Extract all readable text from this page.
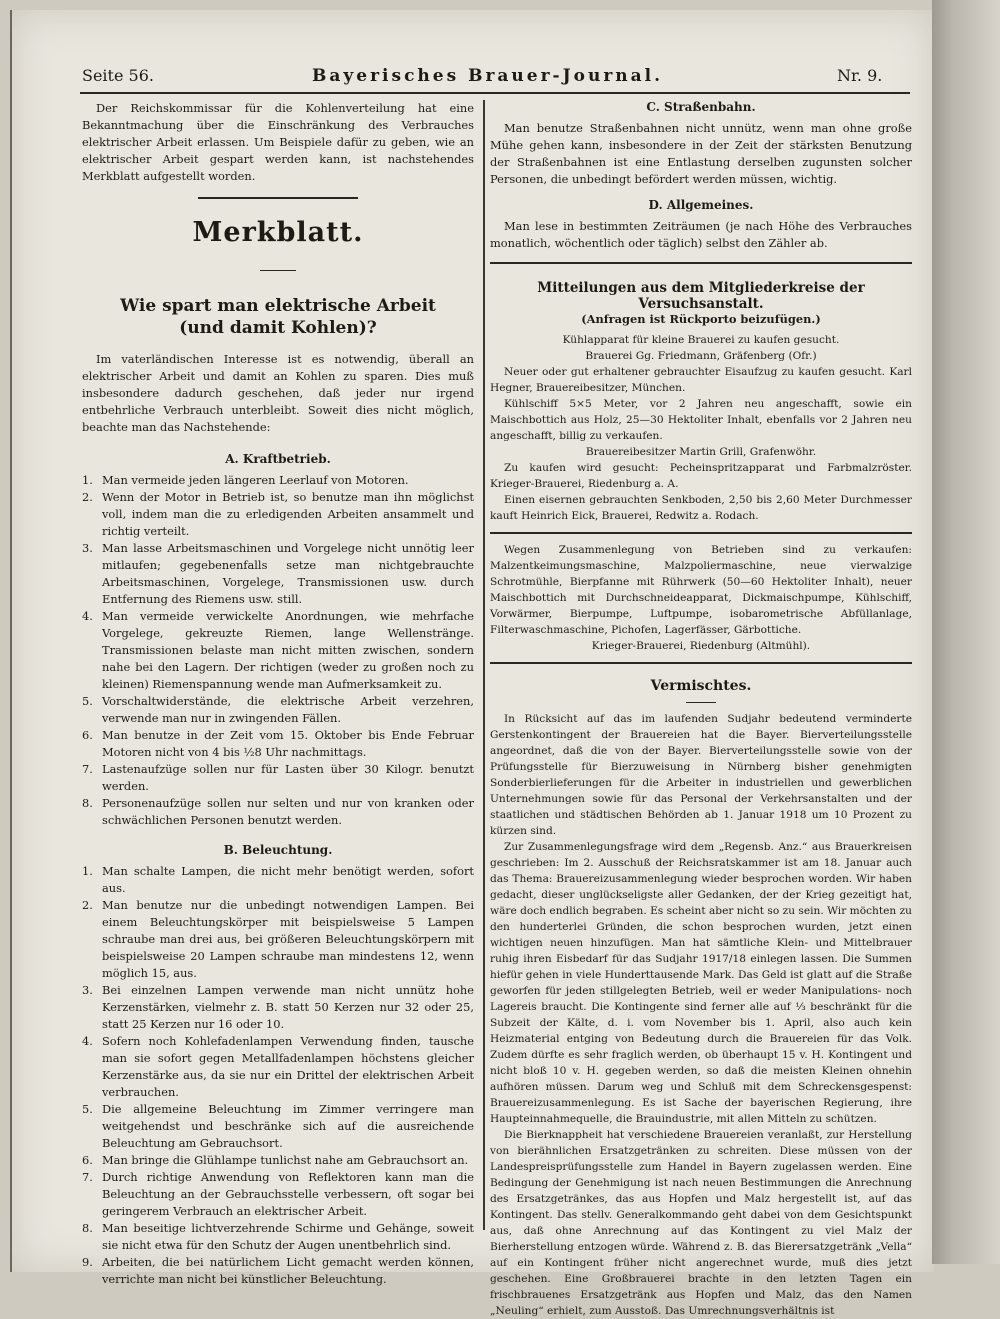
Seite 56.	Bayerisches Brauer-Journal.	Nr. 9.

Der Reichskommissar für die Kohlenverteilung hat eine Bekanntmachung über die Einschränkung des Verbrauches elektrischer Arbeit erlassen. Um Beispiele dafür zu geben, wie an elektrischer Arbeit gespart werden kann, ist nachstehendes Merkblatt aufgestellt worden.

Merkblatt.
Wie spart man elektrische Arbeit
(und damit Kohlen)?

Im vaterländischen Interesse ist es notwendig, überall an elektrischer Arbeit und damit an Kohlen zu sparen. Dies muß insbesondere dadurch geschehen, daß jeder nur irgend entbehrliche Verbrauch unterbleibt. Soweit dies nicht möglich, beachte man das Nachstehende:

A. Kraftbetrieb.
1. Man vermeide jeden längeren Leerlauf von Motoren.
2. Wenn der Motor in Betrieb ist, so benutze man ihn möglichst voll, indem man die zu erledigenden Arbeiten ansammelt und richtig verteilt.
3. Man lasse Arbeitsmaschinen und Vorgelege nicht unnötig leer mitlaufen; gegebenenfalls setze man nichtgebrauchte Arbeitsmaschinen, Vorgelege, Transmissionen usw. durch Entfernung des Riemens usw. still.
4. Man vermeide verwickelte Anordnungen, wie mehrfache Vorgelege, gekreuzte Riemen, lange Wellenstränge. Transmissionen belaste man nicht mitten zwischen, sondern nahe bei den Lagern. Der richtigen (weder zu großen noch zu kleinen) Riemenspannung wende man Aufmerksamkeit zu.
5. Vorschaltwiderstände, die elektrische Arbeit verzehren, verwende man nur in zwingenden Fällen.
6. Man benutze in der Zeit vom 15. Oktober bis Ende Februar Motoren nicht von 4 bis ½8 Uhr nachmittags.
7. Lastenaufzüge sollen nur für Lasten über 30 Kilogr. benutzt werden.
8. Personenaufzüge sollen nur selten und nur von kranken oder schwächlichen Personen benutzt werden.
B. Beleuchtung.
1. Man schalte Lampen, die nicht mehr benötigt werden, sofort aus.
2. Man benutze nur die unbedingt notwendigen Lampen. Bei einem Beleuchtungskörper mit beispielsweise 5 Lampen schraube man drei aus, bei größeren Beleuchtungskörpern mit beispielsweise 20 Lampen schraube man mindestens 12, wenn möglich 15, aus.
3. Bei einzelnen Lampen verwende man nicht unnütz hohe Kerzenstärken, vielmehr z. B. statt 50 Kerzen nur 32 oder 25, statt 25 Kerzen nur 16 oder 10.
4. Sofern noch Kohlefadenlampen Verwendung finden, tausche man sie sofort gegen Metallfadenlampen höchstens gleicher Kerzenstärke aus, da sie nur ein Drittel der elektrischen Arbeit verbrauchen.
5. Die allgemeine Beleuchtung im Zimmer verringere man weitgehendst und beschränke sich auf die ausreichende Beleuchtung am Gebrauchsort.
6. Man bringe die Glühlampe tunlichst nahe am Gebrauchsort an.
7. Durch richtige Anwendung von Reflektoren kann man die Beleuchtung an der Gebrauchsstelle verbessern, oft sogar bei geringerem Verbrauch an elektrischer Arbeit.
8. Man beseitige lichtverzehrende Schirme und Gehänge, soweit sie nicht etwa für den Schutz der Augen unentbehrlich sind.
9. Arbeiten, die bei natürlichem Licht gemacht werden können, verrichte man nicht bei künstlicher Beleuchtung.
C. Straßenbahn.

Man benutze Straßenbahnen nicht unnütz, wenn man ohne große Mühe gehen kann, insbesondere in der Zeit der stärksten Benutzung der Straßenbahnen ist eine Entlastung derselben zugunsten solcher Personen, die unbedingt befördert werden müssen, wichtig.

D. Allgemeines.

Man lese in bestimmten Zeiträumen (je nach Höhe des Verbrauches monatlich, wöchentlich oder täglich) selbst den Zähler ab.

Mitteilungen aus dem Mitgliederkreise der Versuchsanstalt.
(Anfragen ist Rückporto beizufügen.)

Kühlapparat für kleine Brauerei zu kaufen gesucht.

Brauerei Gg. Friedmann, Gräfenberg (Ofr.)

Neuer oder gut erhaltener gebrauchter Eisaufzug zu kaufen gesucht. Karl Hegner, Brauereibesitzer, München.

Kühlschiff 5×5 Meter, vor 2 Jahren neu angeschafft, sowie ein Maischbottich aus Holz, 25—30 Hektoliter Inhalt, ebenfalls vor 2 Jahren neu angeschafft, billig zu verkaufen.

Brauereibesitzer Martin Grill, Grafenwöhr.

Zu kaufen wird gesucht: Pecheinspritzapparat und Farbmalzröster. Krieger-Brauerei, Riedenburg a. A.

Einen eisernen gebrauchten Senkboden, 2,50 bis 2,60 Meter Durchmesser kauft Heinrich Eick, Brauerei, Redwitz a. Rodach.

Wegen Zusammenlegung von Betrieben sind zu verkaufen: Malzentkeimungsmaschine, Malzpoliermaschine, neue vierwalzige Schrotmühle, Bierpfanne mit Rührwerk (50—60 Hektoliter Inhalt), neuer Maischbottich mit Durchschneideapparat, Dickmaischpumpe, Kühlschiff, Vorwärmer, Bierpumpe, Luftpumpe, isobarometrische Abfüllanlage, Filterwaschmaschine, Pichofen, Lagerfässer, Gärbottiche.

Krieger-Brauerei, Riedenburg (Altmühl).

Vermischtes.

In Rücksicht auf das im laufenden Sudjahr bedeutend verminderte Gerstenkontingent der Brauereien hat die Bayer. Bierverteilungsstelle angeordnet, daß die von der Bayer. Bierverteilungsstelle sowie von der Prüfungsstelle für Bierzuweisung in Nürnberg bisher genehmigten Sonderbierlieferungen für die Arbeiter in industriellen und gewerblichen Unternehmungen sowie für das Personal der Verkehrsanstalten und der staatlichen und städtischen Behörden ab 1. Januar 1918 um 10 Prozent zu kürzen sind.

Zur Zusammenlegungsfrage wird dem „Regensb. Anz.“ aus Brauerkreisen geschrieben: Im 2. Ausschuß der Reichsratskammer ist am 18. Januar auch das Thema: Brauereizusammenlegung wieder besprochen worden. Wir haben gedacht, dieser unglückseligste aller Gedanken, der der Krieg gezeitigt hat, wäre doch endlich begraben. Es scheint aber nicht so zu sein. Wir möchten zu den hunderterlei Gründen, die schon besprochen wurden, jetzt einen wichtigen neuen hinzufügen. Man hat sämtliche Klein- und Mittelbrauer ruhig ihren Eisbedarf für das Sudjahr 1917/18 einlegen lassen. Die Summen hiefür gehen in viele Hunderttausende Mark. Das Geld ist glatt auf die Straße geworfen für jeden stillgelegten Betrieb, weil er weder Manipulations- noch Lagereis braucht. Die Kontingente sind ferner alle auf ⅓ beschränkt für die Subzeit der Kälte, d. i. vom November bis 1. April, also auch kein Heizmaterial entging von Bedeutung durch die Brauereien für das Volk. Zudem dürfte es sehr fraglich werden, ob überhaupt 15 v. H. Kontingent und nicht bloß 10 v. H. gegeben werden, so daß die meisten Kleinen ohnehin aufhören müssen. Darum weg und Schluß mit dem Schreckensgespenst: Brauereizusammenlegung. Es ist Sache der bayerischen Regierung, ihre Haupteinnahmequelle, die Brauindustrie, mit allen Mitteln zu schützen.

Die Bierknappheit hat verschiedene Brauereien veranlaßt, zur Herstellung von bierähnlichen Ersatzgetränken zu schreiten. Diese müssen von der Landespreisprüfungsstelle zum Handel in Bayern zugelassen werden. Eine Bedingung der Genehmigung ist nach neuen Bestimmungen die Anrechnung des Ersatzgetränkes, das aus Hopfen und Malz hergestellt ist, auf das Kontingent. Das stellv. Generalkommando geht dabei von dem Gesichtspunkt aus, daß ohne Anrechnung auf das Kontingent zu viel Malz der Bierherstellung entzogen würde. Während z. B. das Bierersatzgetränk „Vella“ auf ein Kontingent früher nicht angerechnet wurde, muß dies jetzt geschehen. Eine Großbrauerei brachte in den letzten Tagen ein frischbrauenes Ersatzgetränk aus Hopfen und Malz, das den Namen „Neuling“ erhielt, zum Ausstoß. Das Umrechnungsverhältnis ist
